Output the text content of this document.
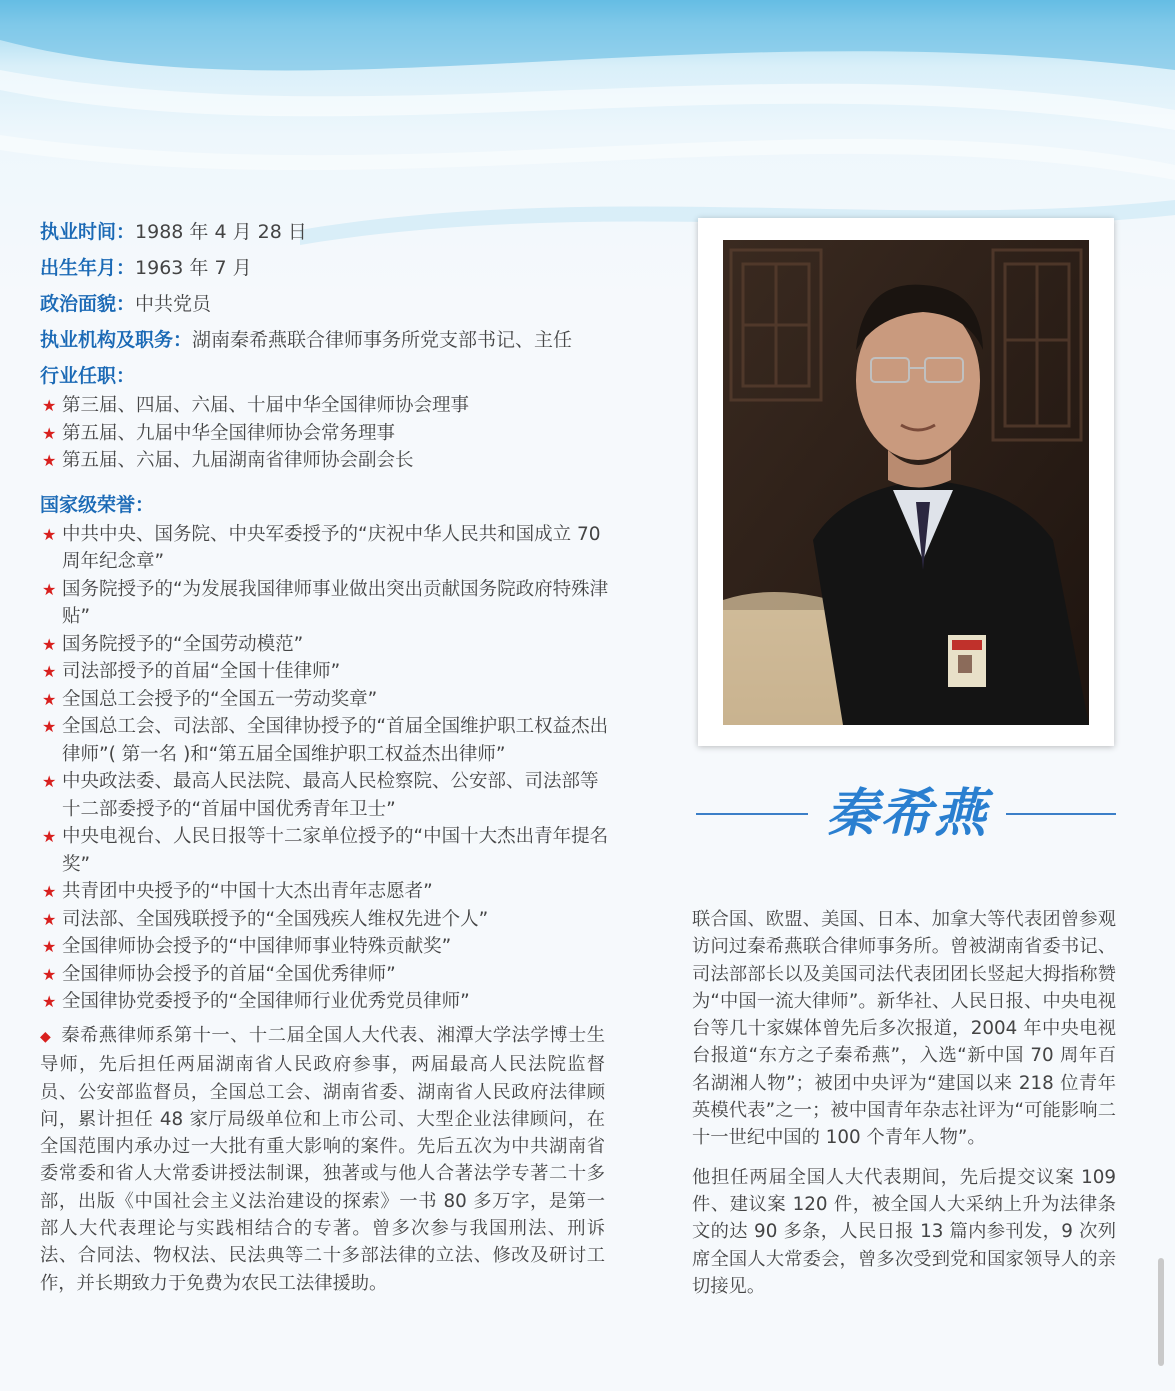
执业时间：1988 年 4 月 28 日
出生年月：1963 年 7 月
政治面貌：中共党员
执业机构及职务：湖南秦希燕联合律师事务所党支部书记、主任
行业任职：
★ 第三届、四届、六届、十届中华全国律师协会理事
★ 第五届、九届中华全国律师协会常务理事
★ 第五届、六届、九届湖南省律师协会副会长
国家级荣誉：
★ 中共中央、国务院、中央军委授予的“庆祝中华人民共和国成立 70 周年纪念章”
★ 国务院授予的“为发展我国律师事业做出突出贡献国务院政府特殊津贴”
★ 国务院授予的“全国劳动模范”
★ 司法部授予的首届“全国十佳律师”
★ 全国总工会授予的“全国五一劳动奖章”
★ 全国总工会、司法部、全国律协授予的“首届全国维护职工权益杰出律师”( 第一名 )和“第五届全国维护职工权益杰出律师”
★ 中央政法委、最高人民法院、最高人民检察院、公安部、司法部等十二部委授予的“首届中国优秀青年卫士”
★ 中央电视台、人民日报等十二家单位授予的“中国十大杰出青年提名奖”
★ 共青团中央授予的“中国十大杰出青年志愿者”
★ 司法部、全国残联授予的“全国残疾人维权先进个人”
★ 全国律师协会授予的“中国律师事业特殊贡献奖”
★ 全国律师协会授予的首届“全国优秀律师”
★ 全国律协党委授予的“全国律师行业优秀党员律师”
◆ 秦希燕律师系第十一、十二届全国人大代表、湘潭大学法学博士生导师，先后担任两届湖南省人民政府参事，两届最高人民法院监督员、公安部监督员，全国总工会、湖南省委、湖南省人民政府法律顾问，累计担任 48 家厅局级单位和上市公司、大型企业法律顾问，在全国范围内承办过一大批有重大影响的案件。先后五次为中共湖南省委常委和省人大常委讲授法制课，独著或与他人合著法学专著二十多部，出版《中国社会主义法治建设的探索》一书 80 多万字，是第一部人大代表理论与实践相结合的专著。曾多次参与我国刑法、刑诉法、合同法、物权法、民法典等二十多部法律的立法、修改及研讨工作，并长期致力于免费为农民工法律援助。
秦希燕

联合国、欧盟、美国、日本、加拿大等代表团曾参观访问过秦希燕联合律师事务所。曾被湖南省委书记、司法部部长以及美国司法代表团团长竖起大拇指称赞为“中国一流大律师”。新华社、人民日报、中央电视台等几十家媒体曾先后多次报道，2004 年中央电视台报道“东方之子秦希燕”，入选“新中国 70 周年百名湖湘人物”；被团中央评为“建国以来 218 位青年英模代表”之一；被中国青年杂志社评为“可能影响二十一世纪中国的 100 个青年人物”。

他担任两届全国人大代表期间，先后提交议案 109 件、建议案 120 件，被全国人大采纳上升为法律条文的达 90 多条，人民日报 13 篇内参刊发，9 次列席全国人大常委会，曾多次受到党和国家领导人的亲切接见。
